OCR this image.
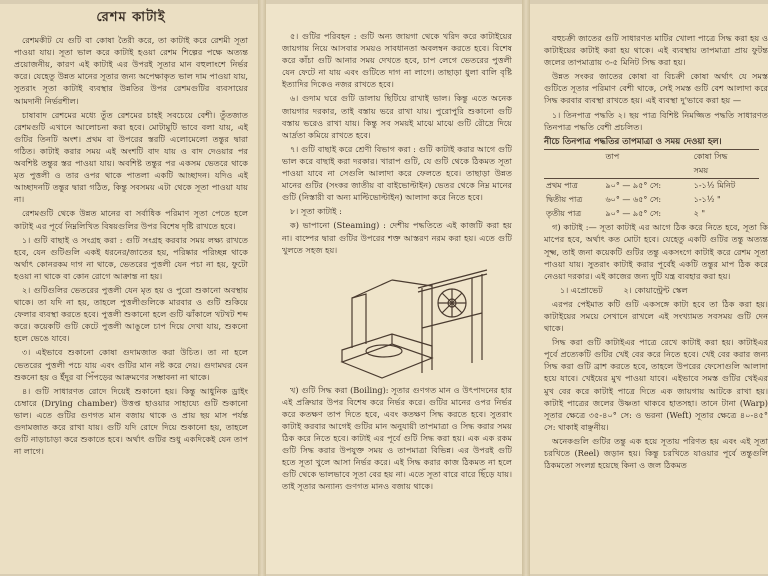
রেশম কাটাই

রেশমকীট যে গুটি বা কোষা তৈরী করে, তা কাটাই করে রেশমী সূতা পাওয়া যায়। সূতা ভাল করে কাটাই হওয়া রেশম শিল্পের পক্ষে অত্যন্ত প্রয়োজনীয়, কারণ এই কাটাই এর উপরই সূতার মান বহুলাংশে নির্ভর করে। যেহেতু উন্নত মানের সূতার জন্য অপেক্ষাকৃত ভাল দাম পাওয়া যায়, সুতরাং সূতা কাটাই ব্যবস্থার উন্নতির উপর রেশমগুটির ব্যবসায়ের আমদানী নির্ভরশীল।

চাষাবাদ রেশমের মধ্যে তুঁত রেশমের চাহই সবচেয়ে বেশী। তুঁতজাত রেশমগুটি এখানে আলোচনা করা হবে। মোটামুটি ভাবে বলা যায়, এই গুটির তিনটি অংশ। প্রথম বা উপরের স্তরটি এলোমেলো তন্তুর দ্বারা গঠিত। কাটাই করার সময় এই অংশটি বাদ যায় ও বাদ দেওয়ার পর অবশিষ্ট তন্তুর স্তর পাওয়া যায়। অবশিষ্ট তন্তুর পর একসম ভেতরে থাকে মৃত পুত্তলী ও তার ওপর থাকে পাতলা একটি আচ্ছাদন। যদিও এই আচ্ছাদনটি তন্তুর দ্বারা গঠিত, কিন্তু সবসময় এটা থেকে সূতা পাওয়া যায় না।

রেশমগুটি থেকে উন্নত মানের বা সর্বাধিক পরিমাণ সূতা পেতে হলে কাটাই এর পূর্বে নিম্নলিখিত বিষয়গুলির উপর বিশেষ দৃষ্টি রাখতে হবে।

১। গুটি বাছাই ও সংগ্রহ করা : গুটি সংগ্রহ করবার সময় লক্ষ্য রাখতে হবে, যেন গুটিগুলি একই ধরনের/জাতের হয়, পরিষ্কার পরিচ্ছন্ন থাকে অর্থাৎ কোনরকম দাগ না থাকে, ভেতরের পুত্তলী যেন পচা না হয়, ফুটো হওয়া না থাকে বা কোন রোগে আক্রান্ত না হয়।

২। গুটিগুলির ভেতরের পুত্তলী যেন মৃত হয় ও পুরো শুকানো অবস্থায় থাকে। তা যদি না হয়, তাহলে পুত্তলীগুলিকে মারবার ও গুটি শুকিয়ে ফেলার ব্যবস্থা করতে হবে। পুত্তলী শুকানো হলে গুটি ঝাঁকালে খটখট শব্দ করে। কয়েকটি গুটি কেটে পুত্তলী আঙুলে চাপ দিয়ে দেখা যায়, শুকনো হলে ভেঙে যাবে।

৩। এইভাবে শুকানো কোষা গুদামজাত করা উচিত। তা না হলে ভেতরের পুত্তলী পচে যায় এবং গুটির মান নষ্ট করে দেয়। গুদামঘর যেন শুকনো হয় ও ইঁদুর বা পিঁপড়ের আক্রমণের সম্ভাবনা না থাকে।

৪। গুটি সাধারণত রোদে দিয়েই শুকানো হয়। কিন্তু আধুনিক ড্রাইং চেম্বারে (Drying chamber) উত্তপ্ত হাওয়ার সাহায্যে গুটি শুকানো ভাল। এতে গুটির গুণগত মান বজায় থাকে ও প্রায় ছয় মাস পর্যন্ত গুদামজাত করে রাখা যায়। গুটি যদি রোদে দিয়ে শুকানো হয়, তাহলে গুটি নাড়াচাড়া করে শুকাতে হবে। অর্থাৎ গুটির শুধু একদিকেই যেন তাপ না লাগে।

৫। গুটির পরিবহন : গুটি অন্য জায়গা থেকে খরিদ করে কাটাইয়ের জায়গায় নিয়ে আসবার সময়ও সাবধানতা অবলম্বন করতে হবে। বিশেষ করে কাঁচা গুটি আনার সময় দেখতে হবে, চাপ লেগে ভেতরের পুত্তলী যেন ফেটে না যায় এবং গুটিতে দাগ না লাগে। তাছাড়া ধুলা বালি বৃষ্টি ইত্যাদির দিকেও নজর রাখতে হবে।

৬। গুদাম ঘরে গুটি ডালায় ছিটিয়ে রাখাই ভাল। কিন্তু এতে অনেক জায়গার দরকার, তাই বস্তায় ভরে রাখা যায়। পুরোপুরি শুকানো গুটি বস্তায় ভরেও রাখা যায়। কিন্তু সব সময়ই মাঝে মাঝে গুটি রৌদ্রে দিয়ে আর্দ্রতা কমিয়ে রাখতে হবে।

৭। গুটি বাছাই করে শ্রেণী বিভাগ করা : গুটি কাটাই করার আগে গুটি ভাল করে বাছাই করা দরকার। খারাপ গুটি, যে গুটি থেকে ঠিকমত সূতা পাওয়া যাবে না সেগুলি আলাদা করে ফেলতে হবে। তাছাড়া উন্নত মানের গুটির (সংকর জাতীয় বা বাইভোল্টাইন) ভেতর থেকে নিম্ন মানের গুটি (নিস্তারী বা অন্য মাল্টিভোল্টাইন) আলাদা করে নিতে হবে।

৮। সূতা কাটাই :

ক) ভাপানো (Steaming) : দেশীয় পদ্ধতিতে এই কাজটি করা হয় না। বাষ্পের দ্বারা গুটির উপরের শক্ত আস্তরণ নরম করা হয়। এতে গুটি খুলতে সহজ হয়।

খ) গুটি সিদ্ধ করা (Boiling): সূতার গুণগত মান ও উৎপাদনের হার এই প্রক্রিয়ার উপর বিশেষ করে নির্ভর করে। গুটির মানের ওপর নির্ভর করে কতক্ষণ তাপ দিতে হবে, এবং কতক্ষণ সিদ্ধ করতে হবে। সুতরাং কাটাই করবার আগেই গুটির মান অনুযায়ী তাপমাত্রা ও সিদ্ধ করার সময় ঠিক করে নিতে হবে। কাটাই এর পূর্বে গুটি সিদ্ধ করা হয়। এক এক রকম গুটি সিদ্ধ করার উপযুক্ত সময় ও তাপমাত্রা বিভিন্ন। এর উপরই গুটি হতে সূতা খুলে আসা নির্ভর করে। এই সিদ্ধ করার কাজ ঠিকমত না হলে গুটি থেকে ভালভাবে সূতা বের হয় না। এতে সূতা বারে বারে ছিঁড়ে যায়। তাই সূতার অন্যান্য গুণগত মানও বজায় থাকে।

বহুচক্রী জাতের গুটি সাধারণত মাটির খোলা পাত্রে সিদ্ধ করা হয় ও কাটাইয়ের কাটাই করা হয় থাকে। এই ব্যবস্থায় তাপমাত্রা প্রায় ফুটন্ত জলের তাপমাত্রায় ৩-৫ মিনিট সিদ্ধ করা হয়।

উন্নত সংকর জাতের কোষা বা বিচক্রী কোষা অর্থাৎ যে সমস্ত গুটিতে সূতার পরিমাণ বেশী থাকে, সেই সমস্ত গুটি বেশ আলাদা করে সিদ্ধ করবার ব্যবস্থা রাখতে হয়। এই ব্যবস্থা দু'ভাবে করা হয় —

১। তিনপাত্র পদ্ধতি ২। ছয় পাত্র বিশিষ্ট নিমজ্জিত পদ্ধতি সাধারণত তিনপাত্র পদ্ধতি বেশী প্রচলিত।

নীচে তিনপাত্র পদ্ধতির তাপমাত্রা ও সময় দেওয়া হল।
	তাপ	কোষা সিদ্ধ
		সময়
প্রথম পাত্র	৯০° — ৯৫° সে:	১-১½ মিনিট
দ্বিতীয় পাত্র	৬০° — ৬৫° সে:	১-১½ "
তৃতীয় পাত্র	৯০° — ৯৫° সে:	২ "

গ) কাটাই :— সূতা কাটাই এর আগে ঠিক করে নিতে হবে, সূতা কি মাপের হবে, অর্থাৎ কত মোটা হবে। যেহেতু একটি গুটির তন্তু অত্যন্ত সূক্ষ্ম, তাই জনা কয়েকটি গুটির তন্তু একসংগে কাটাই করে রেশম সূতা পাওয়া যায়। সুতরাং কাটাই করার পূর্বেই একটি তন্তুর মাপ ঠিক করে নেওয়া দরকার। এই কাজের জন্য দুটি যন্ত্র ব্যবহার করা হয়।

১। এপ্রোভেট	২। কোয়ান্ট্রেন্ট স্কেল

এরপর পেইমাত কটি গুটি একসঙ্গে কাটা হবে তা ঠিক করা হয়। কাটাইয়ের সময়ে সেখানে রাখলে এই সংখ্যামত সবসময় গুটি দেন থাকে।

সিদ্ধ করা গুটি কাটাইএর পাত্রে রেখে কাটাই করা হয়। কাটাইএর পূর্বে প্রত্যেকটি গুটির খেই বের করে নিতে হবে। খেই বের করার জন্য সিদ্ধ করা গুটি ব্রাশ করতে হবে, তাহলে উপরের ফেসোগুলি আলাদা হয়ে যাবে। খেইয়ের মুখ পাওয়া যাবে। এইভাবে সমস্ত গুটির খেইএর মুখ বের করে কাটাই পাত্রে দিতে এক জায়গায় আটকে রাখা হয়। কাটাই পাত্রের জলের উষ্ণতা থাকবে হাতসহা। তানে টানা (Warp) সূতার ক্ষেত্রে ৩৫-৪০° সে: ও ভরনা (Weft) সূতার ক্ষেত্রে ৪০-৪৫° সে: থাকাই বাঞ্ছনীয়।

অনেকগুলি গুটির তন্তু এক হয়ে সূতায় পরিণত হয় এবং এই সূতা চরখিতে (Reel) জড়ান হয়। কিন্তু চরখিতে যাওয়ার পূর্বে তন্তুগুলি ঠিকমতো সংলগ্ন হয়েছে কিনা ও জল ঠিকমত
